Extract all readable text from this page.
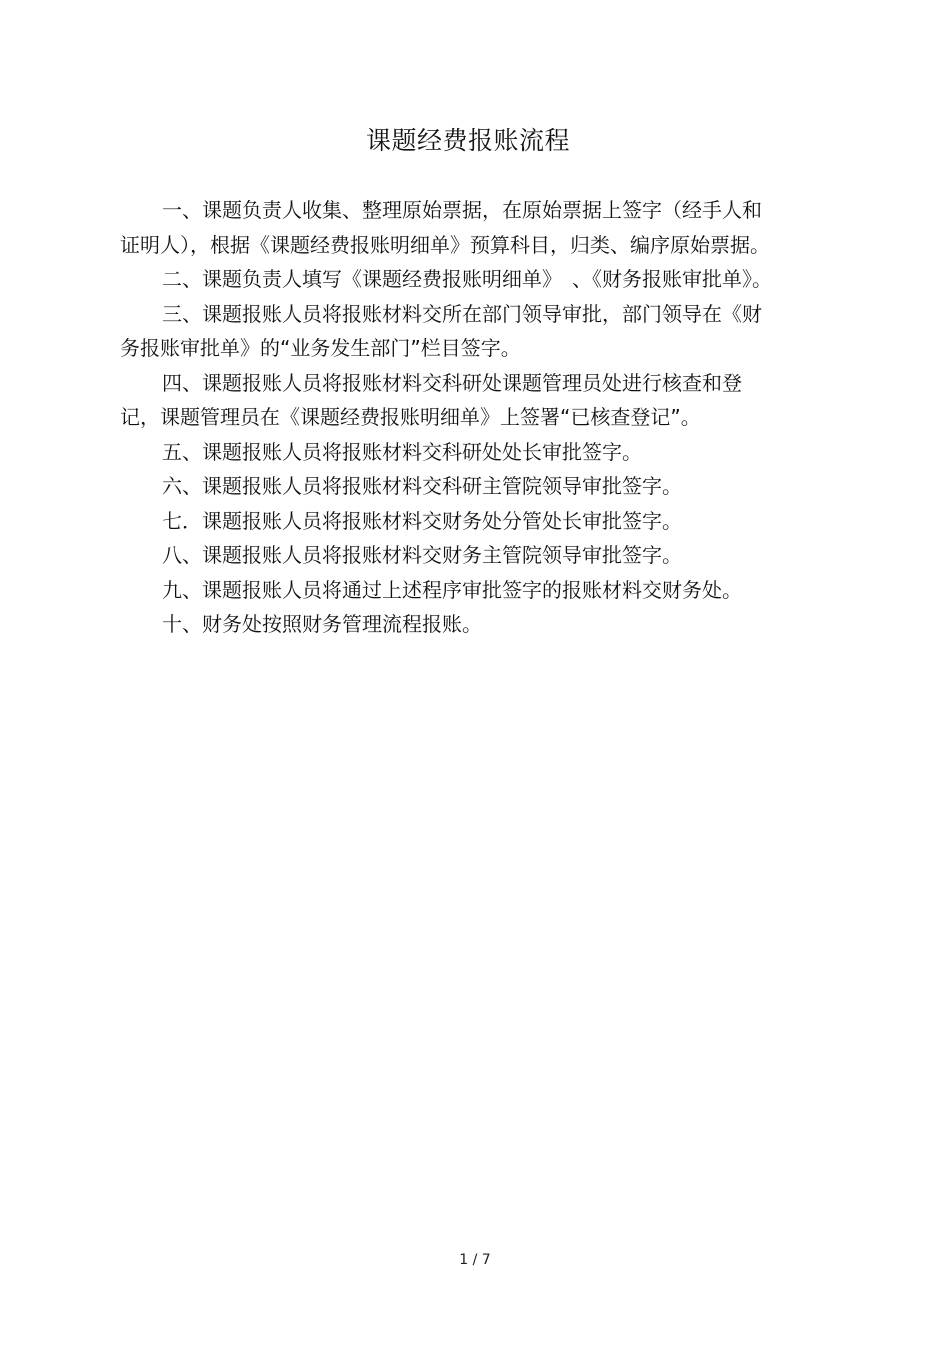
课题经费报账流程

一、课题负责人收集、整理原始票据，在原始票据上签字（经手人和
证明人），根据《课题经费报账明细单》预算科目，归类、编序原始票据。

二、课题负责人填写《课题经费报账明细单》　、《财务报账审批单》。

三、课题报账人员将报账材料交所在部门领导审批，部门领导在《财
务报账审批单》的“业务发生部门”栏目签字。

四、课题报账人员将报账材料交科研处课题管理员处进行核查和登
记，课题管理员在《课题经费报账明细单》上签署“已核查登记”。

五、课题报账人员将报账材料交科研处处长审批签字。

六、课题报账人员将报账材料交科研主管院领导审批签字。

七．课题报账人员将报账材料交财务处分管处长审批签字。

八、课题报账人员将报账材料交财务主管院领导审批签字。

九、课题报账人员将通过上述程序审批签字的报账材料交财务处。

十、财务处按照财务管理流程报账。

1 / 7
